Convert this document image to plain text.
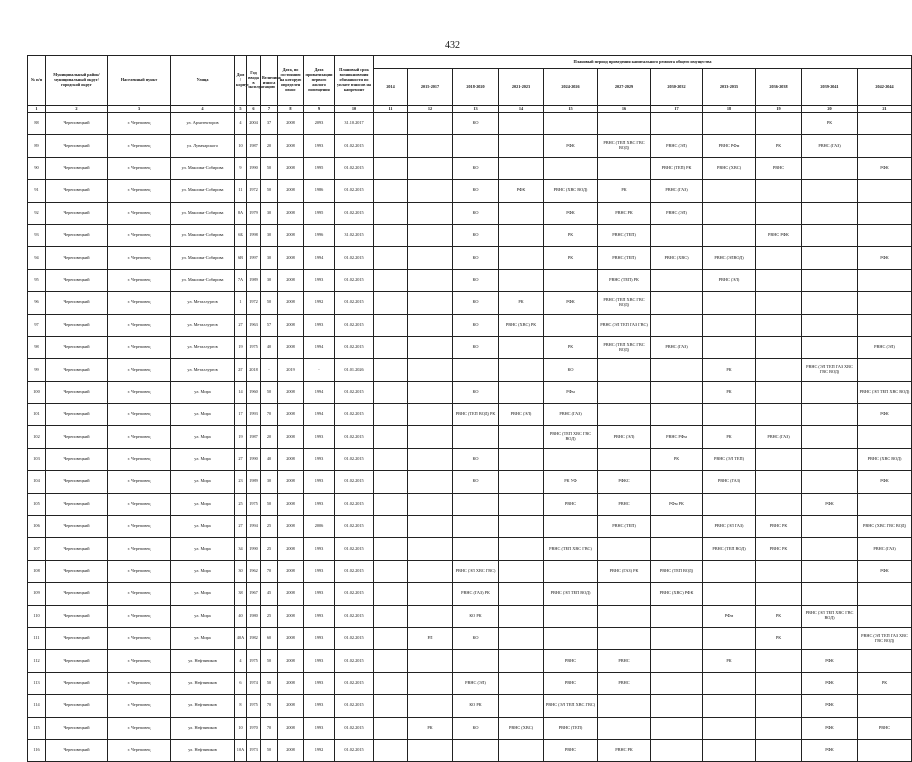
432
№ п/п	Муниципальный район/ муниципальный округ/городской округ	Населенный пункт	Улица	Дом / корпус	Год ввода в эксплуатацию	Величина износа	Дата, по состоянию на которую определен износ	Дата приватизации первого жилого помещения	Плановый срок возникновения обязанности по уплате взносов на капремонт	Плановый период проведения капитального ремонта общего имущества										
										2014	2015-2017	2018-2020	2021-2023	2024-2026	2027-2029	2030-2032	2033-2035	2036-2038	2039-2041	2042-2044
1	2	3	4	5	6	7	8	9	10	11	12	13	14	15	16	17	18	19	20	21
88	Череповецкий	г. Череповец	ул. Архитекторов	4	2004	37	2008	2093	31.10.2017			КО							РК	
89	Череповецкий	г. Череповец	ул. Луначарского	10	1987	20	2008	1993	01.02.2015					РФК	РВНС (ТЕП ХВС ГВС ВОД)	РВНС (ЭЛ)	РВНС РФм	РК	РВНС (ГАЗ)	
90	Череповецкий	г. Череповец	ул. Максима-Собирова	9	1990	50	2008	1995	01.02.2015			КО				РВНС (ТЕП) РК	РВНС (ХВС)	РВНС		РФК
91	Череповецкий	г. Череповец	ул. Максима-Собирова	11	1972	50	2008	1986	01.02.2015			КО	РФК	РВНС (ХВС ВОД)	РК	РВНС (ГАЗ)				
92	Череповецкий	г. Череповец	ул. Максима-Собирова	8А	1979	30	2008	1995	01.02.2015			КО		РФК	РВНС РК	РВНС (ЭЛ)				
93	Череповецкий	г. Череповец	ул. Максима-Собирова	6Б	1998	30	2008	1996	31.02.2015			КО		РК	РВНС (ТЕП)			РВНС РФК		
94	Череповецкий	г. Череповец	ул. Максима-Собирова	6В	1997	30	2008	1994	01.02.2015			КО		РК	РВНС (ТЕП)	РВНС (ХВС)	РВНС (ЭЛВОД)			РФК
95	Череповецкий	г. Череповец	ул. Максима-Собирова	7А	1989	30	2008	1993	01.02.2015			КО			РВНС (ТЕП) РК		РВНС (ЭЛ)			
96	Череповецкий	г. Череповец	ул. Металлургов	1	1972	50	2008	1992	01.02.2015			КО	РК	РФК	РВНС (ТЕП ХВС ГВС ВОД)					
97	Череповецкий	г. Череповец	ул. Металлургов	27	1963	57	2008	1993	01.02.2015			КО	РВНС (ХВС) РК		РВНС (ЭЛ ТЕП ГАЗ ГВС)					
98	Череповецкий	г. Череповец	ул. Металлургов	19	1975	40	2008	1994	01.02.2015			КО		РК	РВНС (ТЕП ХВС ГВС ВОД)	РВНС (ГАЗ)				РВНС (ЭЛ)
99	Череповецкий	г. Череповец	ул. Металлургов	2Г	2018	-	2019	-	01.01.2026					КО			РК		РВНС (ЭЛ ТЕП ГАЗ ХВС ГВС ВОД)	
100	Череповецкий	г. Череповец	ул. Мира	14	1960	50	2008	1994	01.02.2015			КО		РФм			РК			РВНС (ЭЛ ТЕП ХВС ВОД)
101	Череповецкий	г. Череповец	ул. Мира	17	1993	70	2008	1994	01.02.2015			РВНС (ТЕП ВОД) РК	РВНС (ЭЛ)	РВНС (ГАЗ)						РФК
102	Череповецкий	г. Череповец	ул. Мира	19	1987	20	2008	1993	01.02.2015					РВНС (ТЕП ХВС ГВС ВОД)	РВНС (ЭЛ)	РВНС РФм	РК	РВНС (ГАЗ)		
103	Череповецкий	г. Череповец	ул. Мира	27	1990	40	2008	1993	01.02.2015			КО				РК	РВНС (ЭЛ ТЕП)			РВНС (ХВС ВОД)
104	Череповецкий	г. Череповец	ул. Мира	23	1989	30	2008	1993	01.02.2015			КО		РК УФ	РФКС		РВНС (ГАЗ)			РФК
105	Череповецкий	г. Череповец	ул. Мира	25	1975	50	2008	1993	01.02.2015					РВНС	РВНС	РФм РК			РФК	
106	Череповецкий	г. Череповец	ул. Мира	27	1994	25	2008	2006	01.02.2015						РВНС (ТЕП)		РВНС (ЭЛ ГАЗ)	РВНС РК		РВНС (ХВС ГВС ВОД)
107	Череповецкий	г. Череповец	ул. Мира	34	1990	25	2008	1993	01.02.2015					РВНС (ТЕП ХВС ГВС)			РВНС (ТЕП ВОД)	РВНС РК		РВНС (ГАЗ)
108	Череповецкий	г. Череповец	ул. Мира	30	1962	70	2008	1993	01.02.2015			РВНС (ЭЛ ХВС ГВС)			РВНС (ГАЗ) РК	РВНС (ТЕП ВОД)				РФК
109	Череповецкий	г. Череповец	ул. Мира	38	1967	45	2008	1993	01.02.2015			РВНС (ГАЗ) РК		РВНС (ЭЛ ТЕП ВОД)		РВНС (ХВС) РФК				
110	Череповецкий	г. Череповец	ул. Мира	40	1980	25	2008	1993	01.02.2015			КО РК					РФм	РК	РВНС (ЭЛ ТЕП ХВС ГВС ВОД)	
111	Череповецкий	г. Череповец	ул. Мира	40А	1982	60	2008	1993	01.02.2015		РЛ	КО						РК		РВНС (ЭЛ ТЕП ГАЗ ХВС ГВС ВОД)
112	Череповецкий	г. Череповец	ул. Нефтяников	4	1975	50	2008	1993	01.02.2015					РВНС	РВНС		РК		РФК	
113	Череповецкий	г. Череповец	ул. Нефтяников	6	1974	50	2008	1993	01.02.2015			РВНС (ЭЛ)		РВНС	РВНС				РФК	РК
114	Череповецкий	г. Череповец	ул. Нефтяников	8	1975	70	2008	1993	01.02.2015			КО РК		РВНС (ЭЛ ТЕП ХВС ГВС)					РФК	
115	Череповецкий	г. Череповец	ул. Нефтяников	10	1970	70	2008	1993	01.02.2015		РК	КО	РВНС (ХВС)	РВНС (ТЕП)					РФК	РВНС
116	Череповецкий	г. Череповец	ул. Нефтяников	10А	1973	50	2008	1992	01.02.2015					РВНС	РВНС РК				РФК	
